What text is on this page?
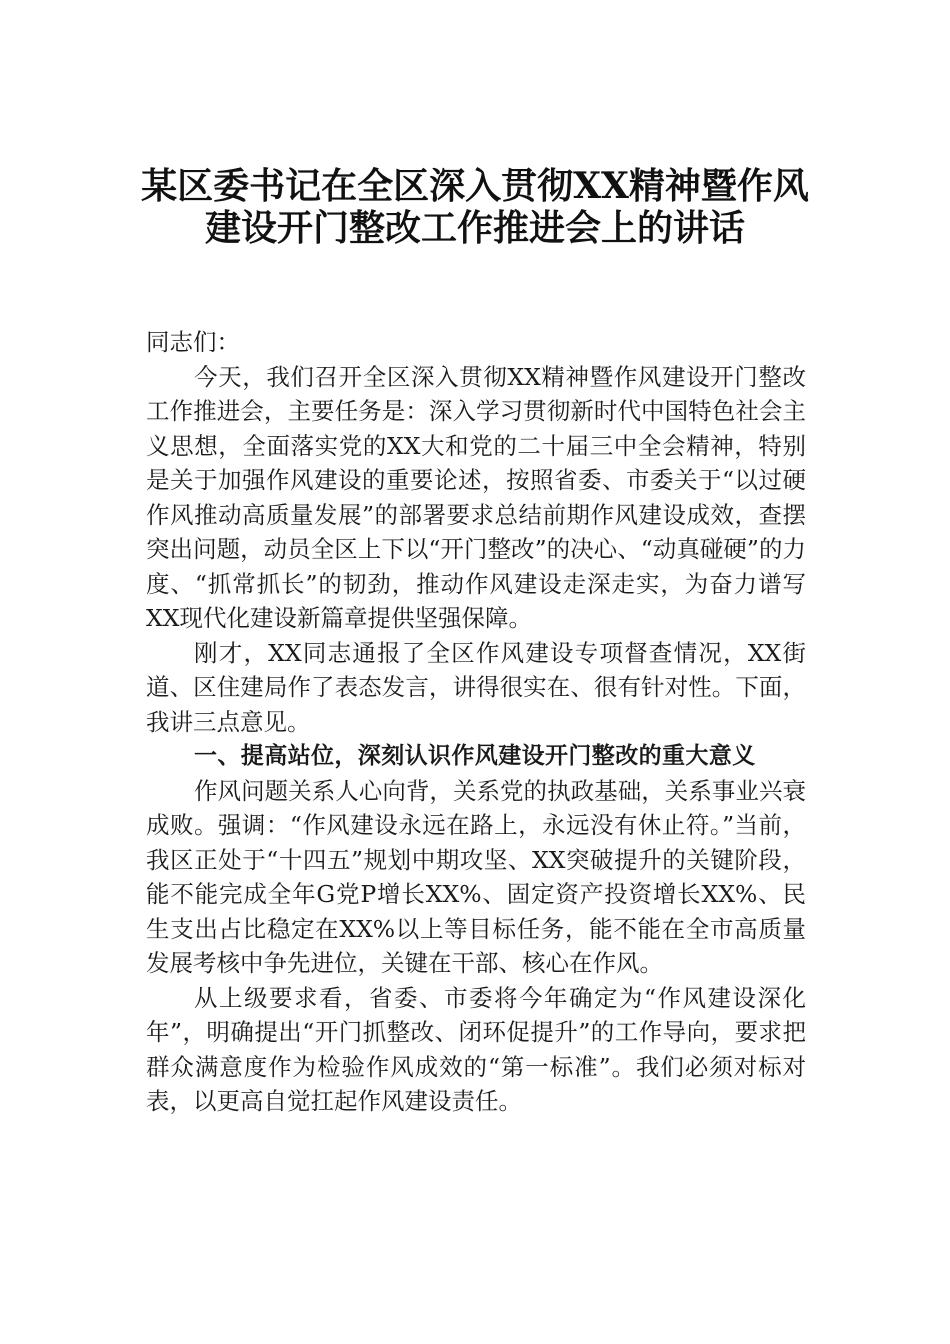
某区委书记在全区深入贯彻XX精神暨作风
建设开门整改工作推进会上的讲话

同志们：

今天，我们召开全区深入贯彻XX精神暨作风建设开门整改工作推进会，主要任务是：深入学习贯彻新时代中国特色社会主义思想，全面落实党的XX大和党的二十届三中全会精神，特别是关于加强作风建设的重要论述，按照省委、市委关于“以过硬作风推动高质量发展”的部署要求总结前期作风建设成效，查摆突出问题，动员全区上下以“开门整改”的决心、“动真碰硬”的力度、“抓常抓长”的韧劲，推动作风建设走深走实，为奋力谱写XX现代化建设新篇章提供坚强保障。

刚才，XX同志通报了全区作风建设专项督查情况，XX街道、区住建局作了表态发言，讲得很实在、很有针对性。下面，我讲三点意见。

一、提高站位，深刻认识作风建设开门整改的重大意义

作风问题关系人心向背，关系党的执政基础，关系事业兴衰成败。强调：“作风建设永远在路上，永远没有休止符。”当前，我区正处于“十四五”规划中期攻坚、XX突破提升的关键阶段，能不能完成全年G党P增长XX%、固定资产投资增长XX%、民生支出占比稳定在XX%以上等目标任务，能不能在全市高质量发展考核中争先进位，关键在干部、核心在作风。

从上级要求看，省委、市委将今年确定为“作风建设深化年”，明确提出“开门抓整改、闭环促提升”的工作导向，要求把群众满意度作为检验作风成效的“第一标准”。我们必须对标对表，以更高自觉扛起作风建设责任。
